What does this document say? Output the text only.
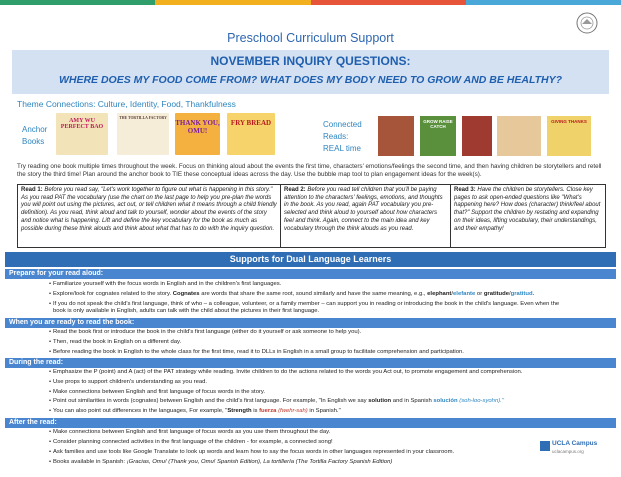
Preschool Curriculum Support
NOVEMBER INQUIRY QUESTIONS:
WHERE DOES MY FOOD COME FROM? WHAT DOES MY BODY NEED TO GROW AND BE HEALTHY?
Theme Connections: Culture, Identity, Food, Thankfulness
Anchor
Books
AMY WU PERFECT BAO
THE TORTILLA FACTORY
THANK YOU, OMU!
FRY BREAD	Connected
Reads:
REAL time
GROW RAISE CATCH
GIVING THANKS
Try reading one book multiple times throughout the week. Focus on thinking aloud about the events the first time, characters' emotions/feelings the second time, and then having children be storytellers and retell the story the third time! Plan around the anchor book to TIE these conceptual ideas across the day. Use the bubble map tool to plan engagement ideas for the week(s).
Read 1: Before you read say, "Let's work together to figure out what is happening in this story." As you read PAT the vocabulary (use the chart on the last page to help you pre-plan the words you will point out using the pictures, act out, or tell children what it means through a child friendly definition). As you read, think aloud and talk to yourself, wonder about the events of the story and notice what is happening. Lift and define the key vocabulary for the book as much as possible during these think alouds and think about what that has to do with the inquiry question.
Read 2: Before you read tell children that you'll be paying attention to the characters' feelings, emotions, and thoughts in the book. As you read, again PAT vocabulary you pre-selected and think aloud to yourself about how characters feel and think. Again, connect to the main idea and key vocabulary through the think alouds as you read.
Read 3: Have the children be storytellers. Close key pages to ask open-ended questions like "What's happening here? How does (character) think/feel about that?" Support the children by restating and expanding on their ideas, lifting vocabulary, their understandings, and their empathy!
Supports for Dual Language Learners
Prepare for your read aloud:
• Familiarize yourself with the focus words in English and in the children's first languages.
• Explore/look for cognates related to the story. Cognates are words that share the same root, sound similarly and have the same meaning, e.g., elephant/elefante or gratitude/gratitud.
• If you do not speak the child's first language, think of who – a colleague, volunteer, or a family member – can support you in reading or introducing the book in the child's language. Even when the
book is only available in English, adults can talk with the child about the pictures in their first language.
When you are ready to read the book:
• Read the book first or introduce the book in the child's first language (either do it yourself or ask someone to help you).
• Then, read the book in English on a different day.
• Before reading the book in English to the whole class for the first time, read it to DLLs in English in a small group to facilitate comprehension and participation.
During the read:
• Emphasize the P (point) and A (act) of the PAT strategy while reading. Invite children to do the actions related to the words you Act out, to promote engagement and comprehension.
• Use props to support children's understanding as you read.
• Make connections between English and first language of focus words in the story.
• Point out similarities in words (cognates) between English and the child's first language. For example, "In English we say solution and in Spanish solución (soh-loo-syohn)."
• You can also point out differences in the languages, For example, "Strength is fuerza (fwehr-sah) in Spanish."
After the read:
• Make connections between English and first language of focus words as you use them throughout the day.
• Consider planning connected activities in the first language of the children - for example, a connected song!
• Ask families and use tools like Google Translate to look up words and learn how to say the focus words in other languages represented in your classroom.
• Books available in Spanish: ¡Gracias, Omu! (Thank you, Omu! Spanish Edition), La tortillería (The Tortilla Factory Spanish Edition)
UCLA Campus
uclacampus.org
